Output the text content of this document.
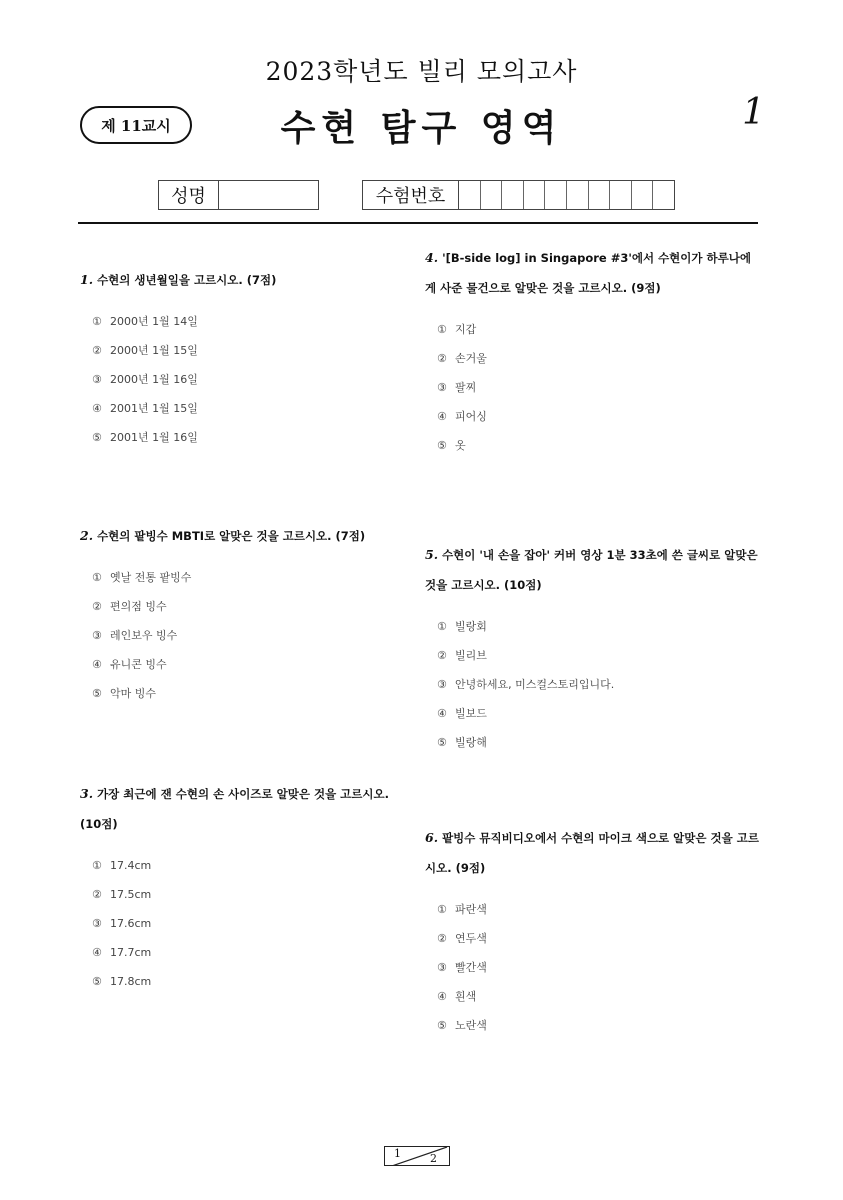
2023학년도 빌리 모의고사
제 11교시	수현 탐구 영역	1
성명	수험번호
1. 수현의 생년월일을 고르시오. (7점)
① 2000년 1월 14일
② 2000년 1월 15일
③ 2000년 1월 16일
④ 2001년 1월 15일
⑤ 2001년 1월 16일
2. 수현의 팥빙수 MBTI로 알맞은 것을 고르시오. (7점)
① 옛날 전통 팥빙수
② 편의점 빙수
③ 레인보우 빙수
④ 유니콘 빙수
⑤ 악마 빙수
3. 가장 최근에 잰 수현의 손 사이즈로 알맞은 것을 고르시오. (10점)
① 17.4cm
② 17.5cm
③ 17.6cm
④ 17.7cm
⑤ 17.8cm
4. '[B-side log] in Singapore #3'에서 수현이가 하루나에게 사준 물건으로 알맞은 것을 고르시오. (9점)
① 지갑
② 손거울
③ 팔찌
④ 피어싱
⑤ 옷
5. 수현이 '내 손을 잡아' 커버 영상 1분 33초에 쓴 글씨로 알맞은 것을 고르시오. (10점)
① 빌랑회
② 빌리브
③ 안녕하세요, 미스컬스토리입니다.
④ 빌보드
⑤ 빌랑해
6. 팥빙수 뮤직비디오에서 수현의 마이크 색으로 알맞은 것을 고르시오. (9점)
① 파란색
② 연두색
③ 빨간색
④ 흰색
⑤ 노란색
1	2
